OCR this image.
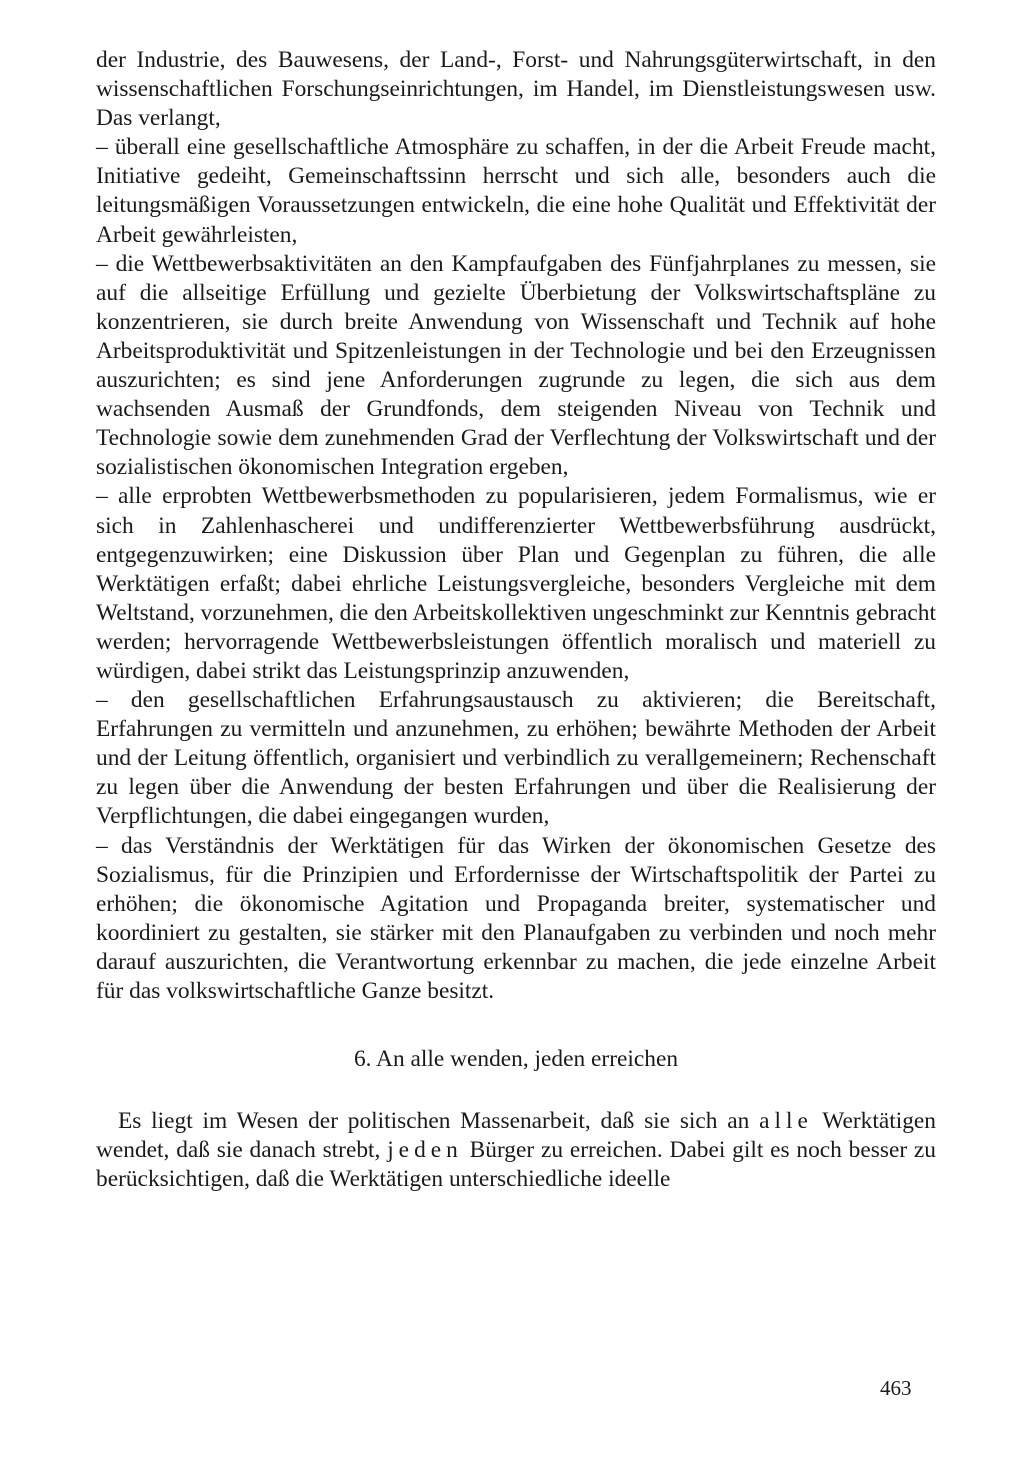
der Industrie, des Bauwesens, der Land-, Forst- und Nahrungsgüterwirtschaft, in den wissenschaftlichen Forschungseinrichtungen, im Handel, im Dienstleistungswesen usw. Das verlangt,

– überall eine gesellschaftliche Atmosphäre zu schaffen, in der die Arbeit Freude macht, Initiative gedeiht, Gemeinschaftssinn herrscht und sich alle, besonders auch die leitungsmäßigen Voraussetzungen entwickeln, die eine hohe Qualität und Effektivität der Arbeit gewährleisten,

– die Wettbewerbsaktivitäten an den Kampfaufgaben des Fünfjahrplanes zu messen, sie auf die allseitige Erfüllung und gezielte Überbietung der Volkswirtschaftspläne zu konzentrieren, sie durch breite Anwendung von Wissenschaft und Technik auf hohe Arbeitsproduktivität und Spitzenleistungen in der Technologie und bei den Erzeugnissen auszurichten; es sind jene Anforderungen zugrunde zu legen, die sich aus dem wachsenden Ausmaß der Grundfonds, dem steigenden Niveau von Technik und Technologie sowie dem zunehmenden Grad der Verflechtung der Volkswirtschaft und der sozialistischen ökonomischen Integration ergeben,

– alle erprobten Wettbewerbsmethoden zu popularisieren, jedem Formalismus, wie er sich in Zahlenhascherei und undifferenzierter Wettbewerbsführung ausdrückt, entgegenzuwirken; eine Diskussion über Plan und Gegenplan zu führen, die alle Werktätigen erfaßt; dabei ehrliche Leistungsvergleiche, besonders Vergleiche mit dem Weltstand, vorzunehmen, die den Arbeitskollektiven ungeschminkt zur Kenntnis gebracht werden; hervorragende Wettbewerbsleistungen öffentlich moralisch und materiell zu würdigen, dabei strikt das Leistungsprinzip anzuwenden,

– den gesellschaftlichen Erfahrungsaustausch zu aktivieren; die Bereitschaft, Erfahrungen zu vermitteln und anzunehmen, zu erhöhen; bewährte Methoden der Arbeit und der Leitung öffentlich, organisiert und verbindlich zu verallgemeinern; Rechenschaft zu legen über die Anwendung der besten Erfahrungen und über die Realisierung der Verpflichtungen, die dabei eingegangen wurden,

– das Verständnis der Werktätigen für das Wirken der ökonomischen Gesetze des Sozialismus, für die Prinzipien und Erfordernisse der Wirtschaftspolitik der Partei zu erhöhen; die ökonomische Agitation und Propaganda breiter, systematischer und koordiniert zu gestalten, sie stärker mit den Planaufgaben zu verbinden und noch mehr darauf auszurichten, die Verantwortung erkennbar zu machen, die jede einzelne Arbeit für das volkswirtschaftliche Ganze besitzt.

6. An alle wenden, jeden erreichen

Es liegt im Wesen der politischen Massenarbeit, daß sie sich an alle Werktätigen wendet, daß sie danach strebt, jeden Bürger zu erreichen. Dabei gilt es noch besser zu berücksichtigen, daß die Werktätigen unterschiedliche ideelle

463
